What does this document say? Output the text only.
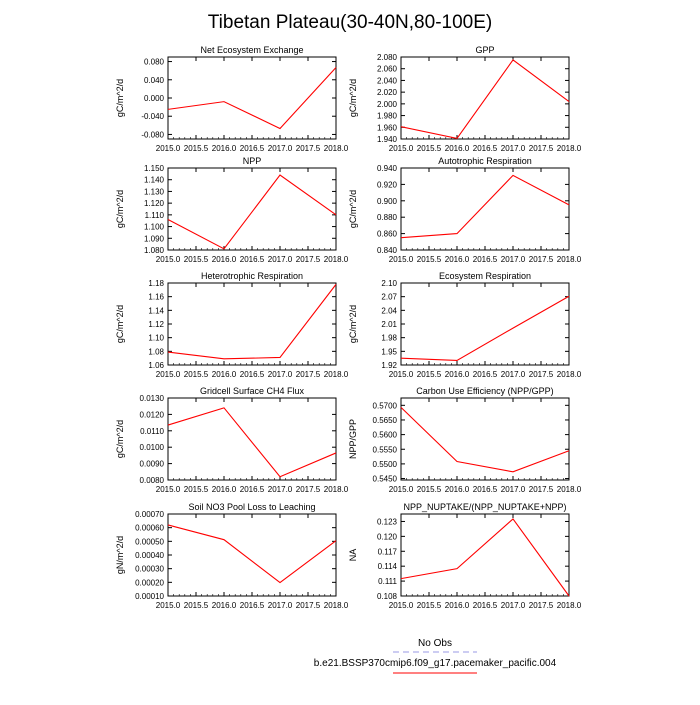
Tibetan Plateau(30-40N,80-100E)
Net Ecosystem Exchange
2015.0 2015.5 2016.0 2016.5 2017.0 2017.5 2018.0
-0.080
-0.040
0.000
0.040
0.080
gC/m^2/d
GPP
2015.0 2015.5 2016.0 2016.5 2017.0 2017.5 2018.0
1.940
1.960
1.980
2.000
2.020
2.040
2.060
2.080
gC/m^2/d
NPP
2015.0 2015.5 2016.0 2016.5 2017.0 2017.5 2018.0
1.080
1.090
1.100
1.110
1.120
1.130
1.140
1.150
gC/m^2/d
Autotrophic Respiration
2015.0 2015.5 2016.0 2016.5 2017.0 2017.5 2018.0
0.840
0.860
0.880
0.900
0.920
0.940
gC/m^2/d
Heterotrophic Respiration
2015.0 2015.5 2016.0 2016.5 2017.0 2017.5 2018.0
1.06
1.08
1.10
1.12
1.14
1.16
1.18
gC/m^2/d
Ecosystem Respiration
2015.0 2015.5 2016.0 2016.5 2017.0 2017.5 2018.0
1.92
1.95
1.98
2.01
2.04
2.07
2.10
gC/m^2/d
Gridcell Surface CH4 Flux
2015.0 2015.5 2016.0 2016.5 2017.0 2017.5 2018.0
0.0080
0.0090
0.0100
0.0110
0.0120
0.0130
gC/m^2/d
Carbon Use Efficiency (NPP/GPP)
2015.0 2015.5 2016.0 2016.5 2017.0 2017.5 2018.0
0.5450
0.5500
0.5550
0.5600
0.5650
0.5700
NPP/GPP
Soil NO3 Pool Loss to Leaching
2015.0 2015.5 2016.0 2016.5 2017.0 2017.5 2018.0
0.00010
0.00020
0.00030
0.00040
0.00050
0.00060
0.00070
gN/m^2/d
NPP_NUPTAKE/(NPP_NUPTAKE+NPP)
2015.0 2015.5 2016.0 2016.5 2017.0 2017.5 2018.0
0.108
0.111
0.114
0.117
0.120
0.123
NA
No Obs
b.e21.BSSP370cmip6.f09_g17.pacemaker_pacific.004
